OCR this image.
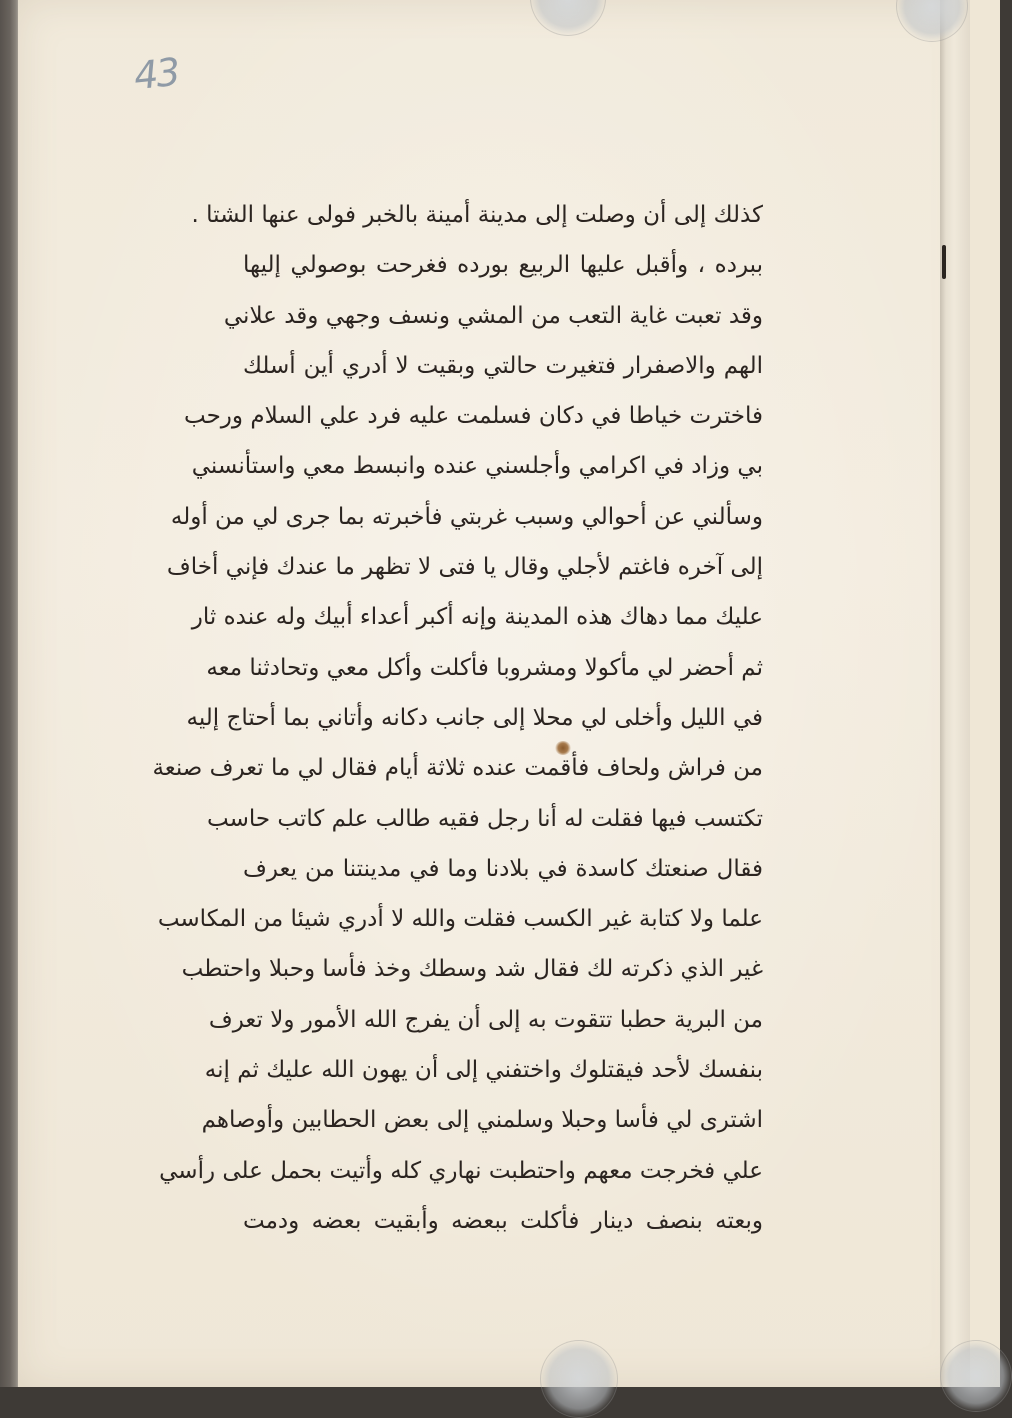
43
كذلك إلى أن وصلت إلى مدينة أمينة بالخبر فولى عنها الشتا .
ببرده ، وأقبل عليها الربيع بورده فغرحت بوصولي إليها
وقد تعبت غاية التعب من المشي ونسف وجهي وقد علاني
الهم والاصفرار فتغيرت حالتي وبقيت لا أدري أين أسلك
فاخترت خياطا في دكان فسلمت عليه فرد علي السلام ورحب
بي وزاد في اكرامي وأجلسني عنده وانبسط معي واستأنسني
وسألني عن أحوالي وسبب غربتي فأخبرته بما جرى لي من أوله
إلى آخره فاغتم لأجلي وقال يا فتى لا تظهر ما عندك فإني أخاف
عليك مما دهاك هذه المدينة وإنه أكبر أعداء أبيك وله عنده ثار
ثم أحضر لي مأكولا ومشروبا فأكلت وأكل معي وتحادثنا معه
في الليل وأخلى لي محلا إلى جانب دكانه وأتاني بما أحتاج إليه
من فراش ولحاف فأقمت عنده ثلاثة أيام فقال لي ما تعرف صنعة
تكتسب فيها فقلت له أنا رجل فقيه طالب علم كاتب حاسب
فقال صنعتك كاسدة في بلادنا وما في مدينتنا من يعرف
علما ولا كتابة غير الكسب فقلت والله لا أدري شيئا من المكاسب
غير الذي ذكرته لك فقال شد وسطك وخذ فأسا وحبلا واحتطب
من البرية حطبا تتقوت به إلى أن يفرج الله الأمور ولا تعرف
بنفسك لأحد فيقتلوك واختفني إلى أن يهون الله عليك ثم إنه
اشترى لي فأسا وحبلا وسلمني إلى بعض الحطابين وأوصاهم
علي فخرجت معهم واحتطبت نهاري كله وأتيت بحمل على رأسي
وبعته بنصف دينار فأكلت ببعضه وأبقيت بعضه ودمت
